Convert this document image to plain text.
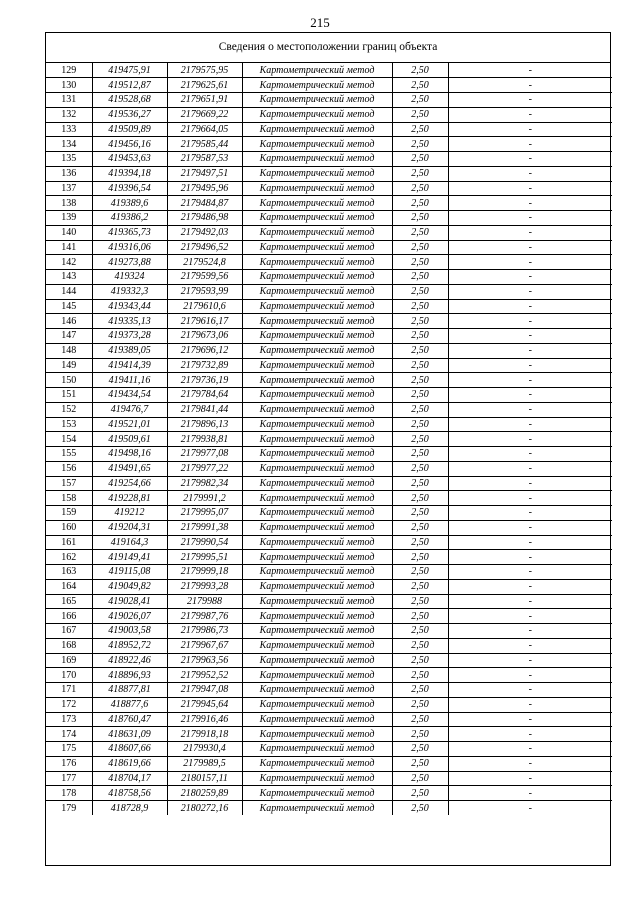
215
Сведения о местоположении границ объекта
129	419475,91	2179575,95	Картометрический метод	2,50	-
130	419512,87	2179625,61	Картометрический метод	2,50	-
131	419528,68	2179651,91	Картометрический метод	2,50	-
132	419536,27	2179669,22	Картометрический метод	2,50	-
133	419509,89	2179664,05	Картометрический метод	2,50	-
134	419456,16	2179585,44	Картометрический метод	2,50	-
135	419453,63	2179587,53	Картометрический метод	2,50	-
136	419394,18	2179497,51	Картометрический метод	2,50	-
137	419396,54	2179495,96	Картометрический метод	2,50	-
138	419389,6	2179484,87	Картометрический метод	2,50	-
139	419386,2	2179486,98	Картометрический метод	2,50	-
140	419365,73	2179492,03	Картометрический метод	2,50	-
141	419316,06	2179496,52	Картометрический метод	2,50	-
142	419273,88	2179524,8	Картометрический метод	2,50	-
143	419324	2179599,56	Картометрический метод	2,50	-
144	419332,3	2179593,99	Картометрический метод	2,50	-
145	419343,44	2179610,6	Картометрический метод	2,50	-
146	419335,13	2179616,17	Картометрический метод	2,50	-
147	419373,28	2179673,06	Картометрический метод	2,50	-
148	419389,05	2179696,12	Картометрический метод	2,50	-
149	419414,39	2179732,89	Картометрический метод	2,50	-
150	419411,16	2179736,19	Картометрический метод	2,50	-
151	419434,54	2179784,64	Картометрический метод	2,50	-
152	419476,7	2179841,44	Картометрический метод	2,50	-
153	419521,01	2179896,13	Картометрический метод	2,50	-
154	419509,61	2179938,81	Картометрический метод	2,50	-
155	419498,16	2179977,08	Картометрический метод	2,50	-
156	419491,65	2179977,22	Картометрический метод	2,50	-
157	419254,66	2179982,34	Картометрический метод	2,50	-
158	419228,81	2179991,2	Картометрический метод	2,50	-
159	419212	2179995,07	Картометрический метод	2,50	-
160	419204,31	2179991,38	Картометрический метод	2,50	-
161	419164,3	2179990,54	Картометрический метод	2,50	-
162	419149,41	2179995,51	Картометрический метод	2,50	-
163	419115,08	2179999,18	Картометрический метод	2,50	-
164	419049,82	2179993,28	Картометрический метод	2,50	-
165	419028,41	2179988	Картометрический метод	2,50	-
166	419026,07	2179987,76	Картометрический метод	2,50	-
167	419003,58	2179986,73	Картометрический метод	2,50	-
168	418952,72	2179967,67	Картометрический метод	2,50	-
169	418922,46	2179963,56	Картометрический метод	2,50	-
170	418896,93	2179952,52	Картометрический метод	2,50	-
171	418877,81	2179947,08	Картометрический метод	2,50	-
172	418877,6	2179945,64	Картометрический метод	2,50	-
173	418760,47	2179916,46	Картометрический метод	2,50	-
174	418631,09	2179918,18	Картометрический метод	2,50	-
175	418607,66	2179930,4	Картометрический метод	2,50	-
176	418619,66	2179989,5	Картометрический метод	2,50	-
177	418704,17	2180157,11	Картометрический метод	2,50	-
178	418758,56	2180259,89	Картометрический метод	2,50	-
179	418728,9	2180272,16	Картометрический метод	2,50	-
